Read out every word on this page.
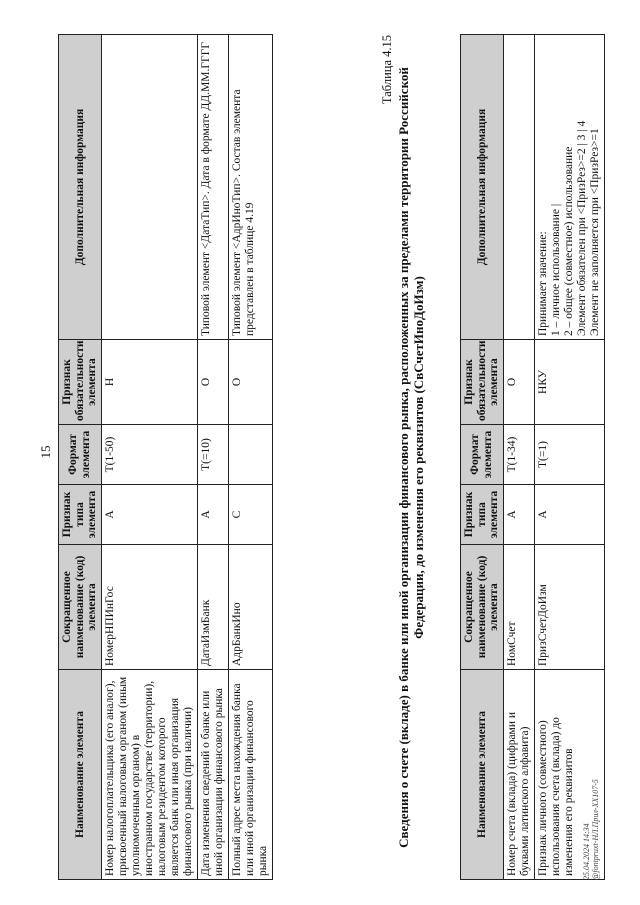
15
Наименование элемента	Сокращенное наименование (код) элемента	Признак типа элемента	Формат элемента	Признак обязательности элемента	Дополнительная информация
Номер налогоплательщика (его аналог), присвоенный налоговым органом (иным уполномоченным органом) в иностранном государстве (территории), налоговым резидентом которого является банк или иная организация финансового рынка (при наличии)	НомерНПИнГос	А	Т(1-50)	Н	
Дата изменения сведений о банке или иной организации финансового рынка	ДатаИзмБанк	А	Т(=10)	О	Типовой элемент <ДатаТип>. Дата в формате ДД.ММ.ГГГГ
Полный адрес места нахождения банка или иной организации финансового рынка	АдрБанкИно	С		О	Типовой элемент <АдрИноТип>. Состав элемента представлен в таблице 4.19
Таблица 4.15 Сведения о счете (вкладе) в банке или иной организации финансового рынка, расположенных за пределами территории Российской Федерации, до изменения его реквизитов (СвСчетИноДоИзм)
Наименование элемента	Сокращенное наименование (код) элемента	Признак типа элемента	Формат элемента	Признак обязательности элемента	Дополнительная информация
Номер счета (вклада) (цифрами и буквами латинского алфавита)	НомСчет	А	Т(1-34)	О	
Признак личного (совместного) использования счета (вклада) до изменения его реквизитов	ПризСчетДоИзм	А	Т(=1)	НКУ	Принимает значение:
1 – личное использование |
2 – общее (совместное) использование
Элемент обязателен при <ПризРез>=2 | 3 | 4
Элемент не заполняется при <ПризРез>=1
25.04.2024 14:34
@fontpruxt-НЛ.Прил-ХХ107-5
